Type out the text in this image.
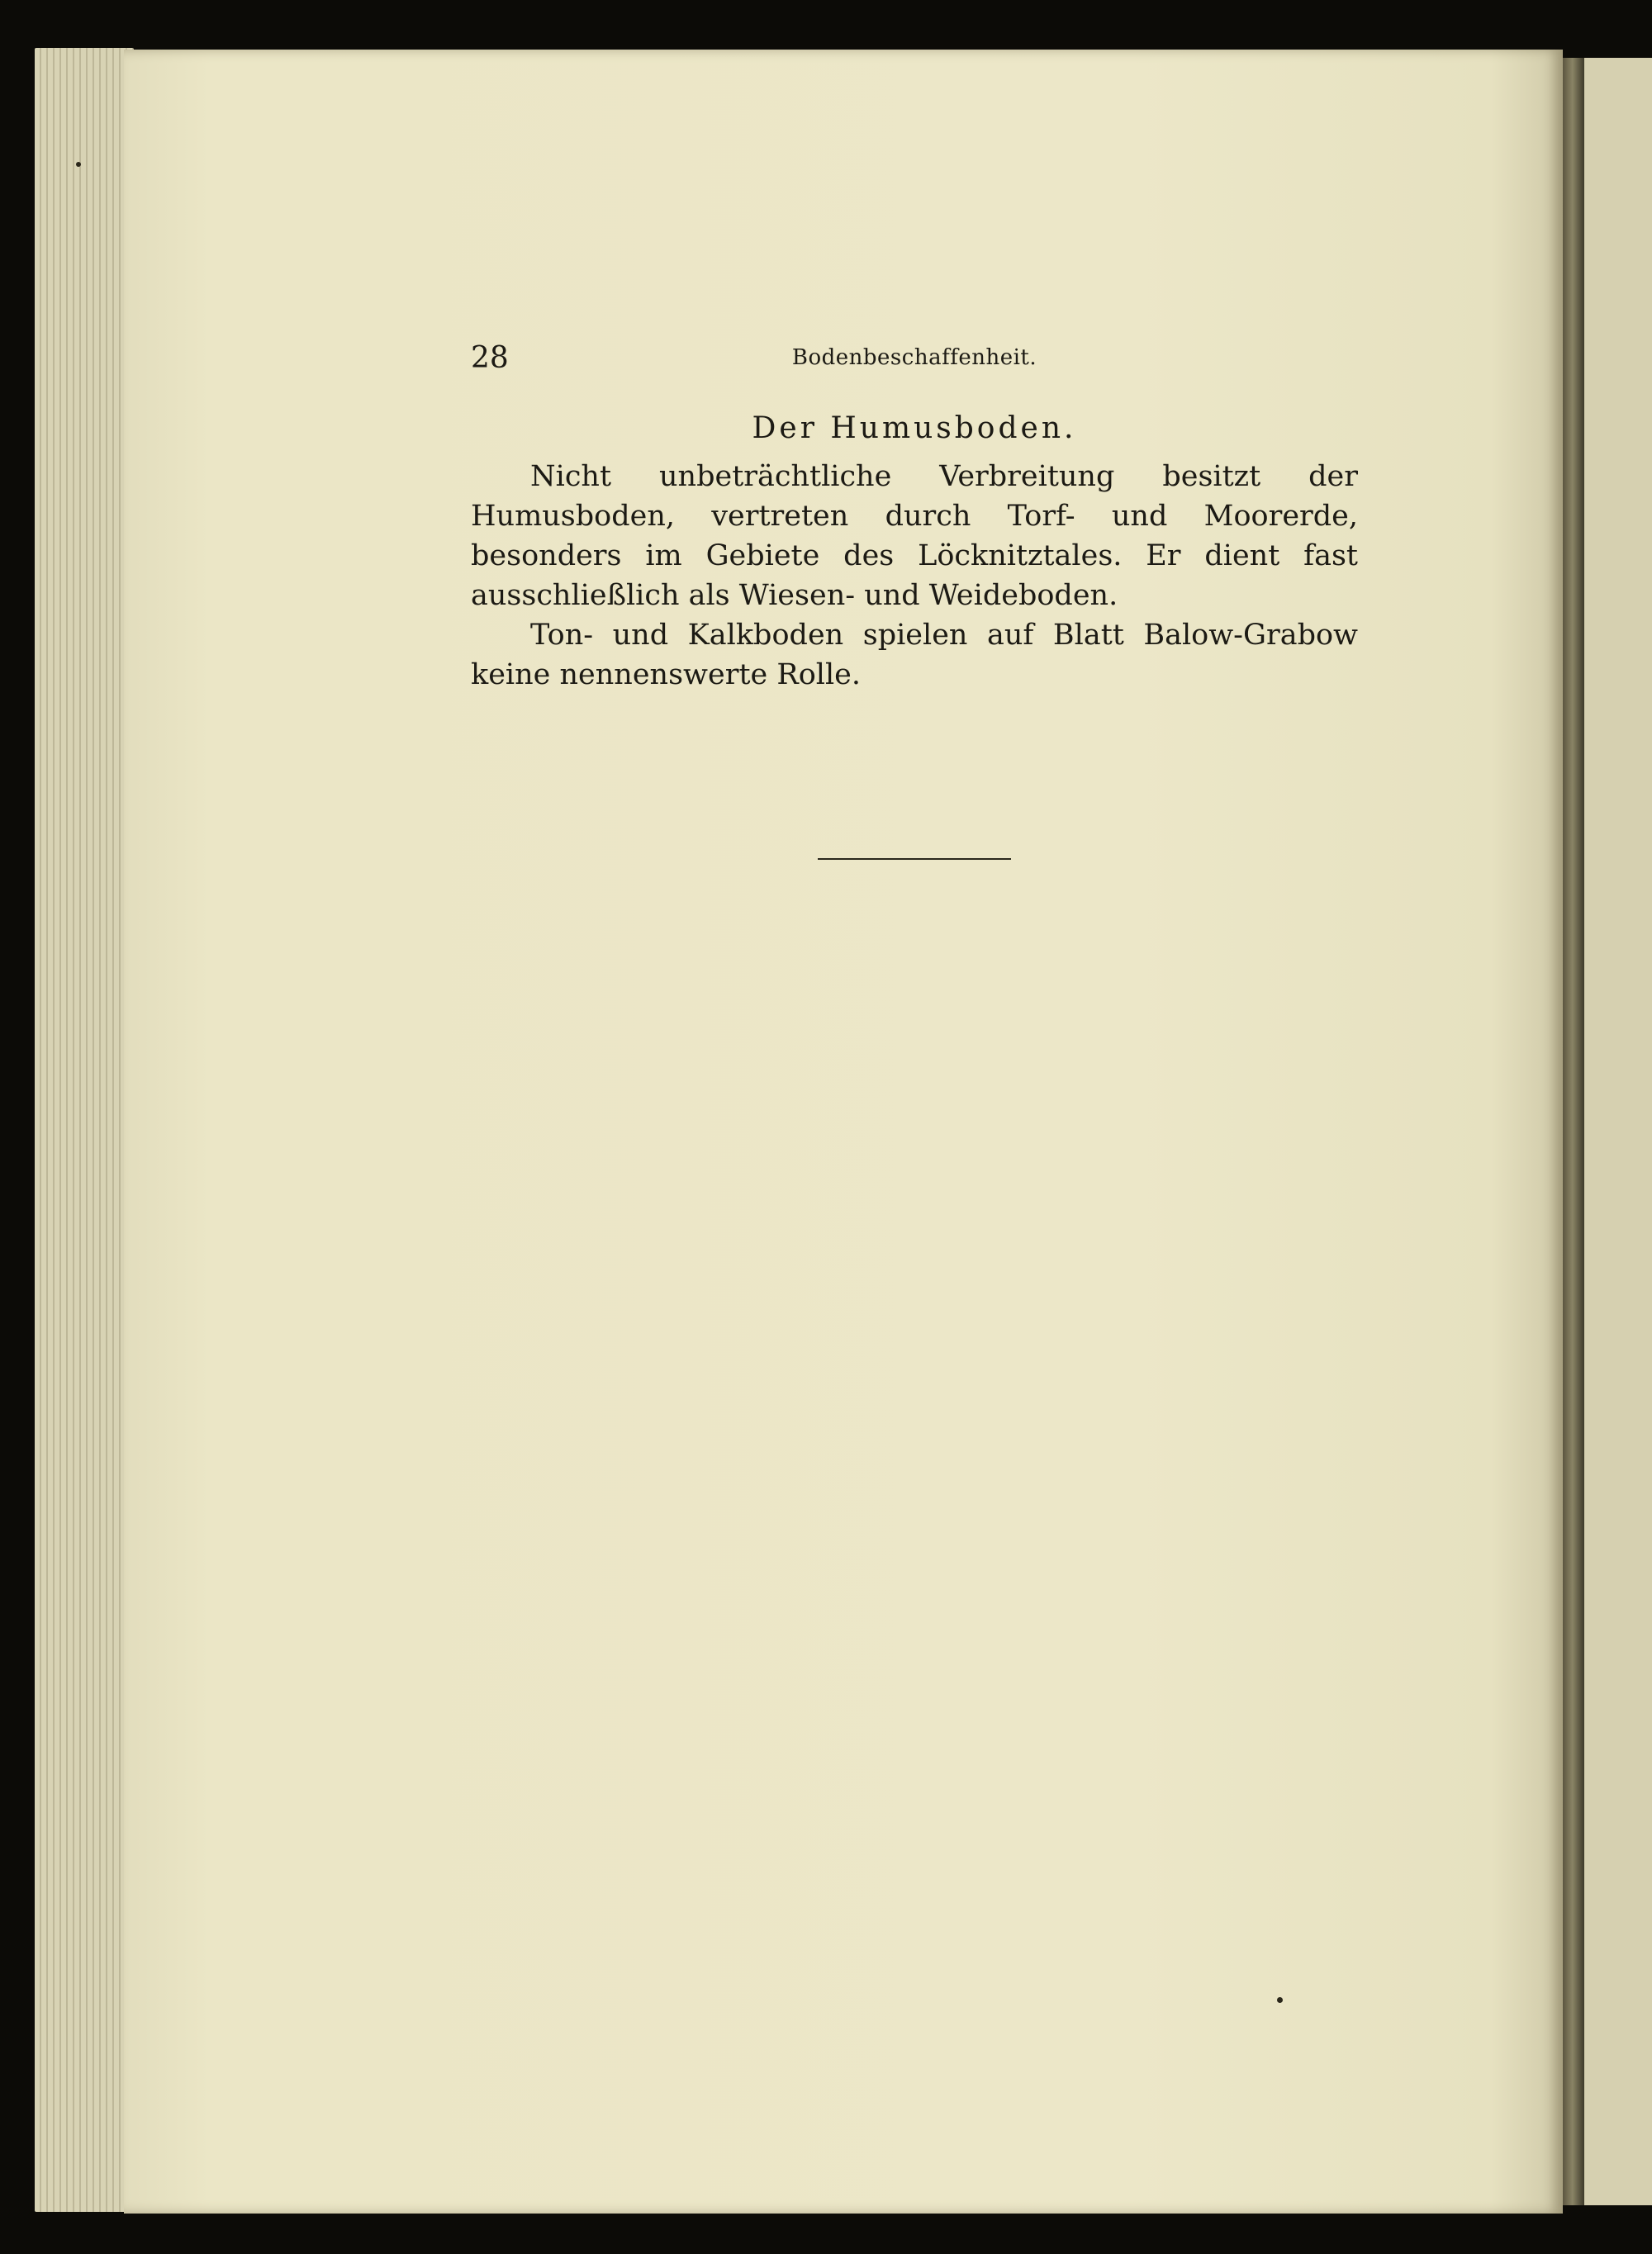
28	Bodenbeschaffenheit.
Der Humusboden.

Nicht unbeträchtliche Verbreitung besitzt der Humusboden, vertreten durch Torf- und Moorerde, besonders im Gebiete des Löcknitztales. Er dient fast ausschließlich als Wiesen- und Weideboden.

Ton- und Kalkboden spielen auf Blatt Balow-Grabow keine nennenswerte Rolle.
